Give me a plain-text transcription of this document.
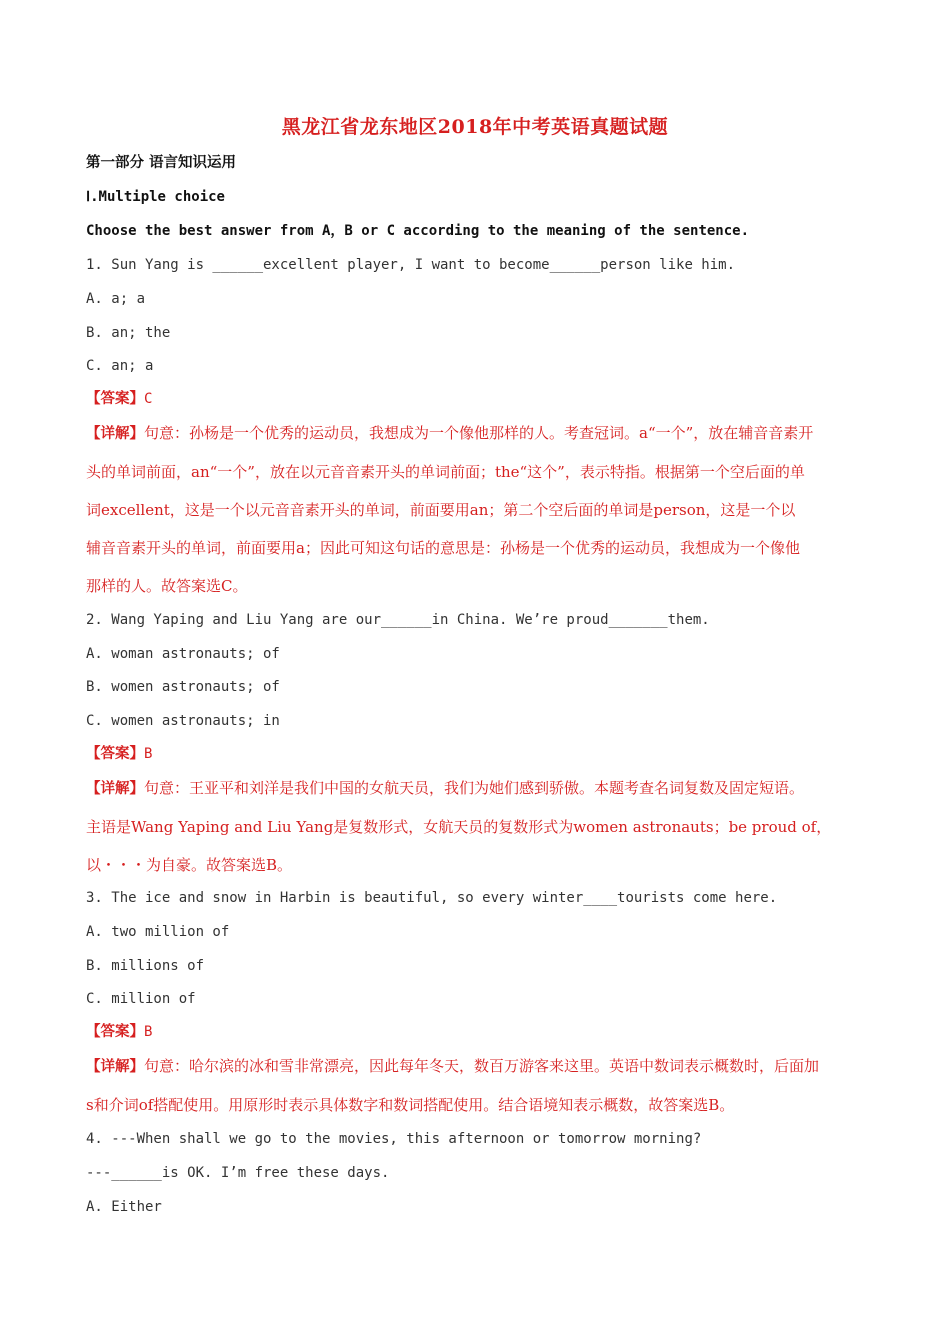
黑龙江省龙东地区2018年中考英语真题试题
第一部分 语言知识运用
Ⅰ.Multiple choice
Choose the best answer from A，B or C according to the meaning of the sentence.
1. Sun Yang is ______excellent player, I want to become______person like him.
A. a; a
B. an; the
C. an; a
【答案】C
【详解】句意：孙杨是一个优秀的运动员，我想成为一个像他那样的人。考查冠词。a“一个”，放在辅音音素开
头的单词前面，an“一个”，放在以元音音素开头的单词前面；the“这个”，表示特指。根据第一个空后面的单
词excellent，这是一个以元音音素开头的单词，前面要用an；第二个空后面的单词是person，这是一个以
辅音音素开头的单词，前面要用a；因此可知这句话的意思是：孙杨是一个优秀的运动员，我想成为一个像他
那样的人。故答案选C。
2. Wang Yaping and Liu Yang are our______in China. We’re proud_______them.
A. woman astronauts; of
B. women astronauts; of
C. women astronauts; in
【答案】B
【详解】句意：王亚平和刘洋是我们中国的女航天员，我们为她们感到骄傲。本题考查名词复数及固定短语。
主语是Wang Yaping and Liu Yang是复数形式，女航天员的复数形式为women astronauts；be proud of，
以・・・为自豪。故答案选B。
3. The ice and snow in Harbin is beautiful, so every winter____tourists come here.
A. two million of
B. millions of
C. million of
【答案】B
【详解】句意：哈尔滨的冰和雪非常漂亮，因此每年冬天，数百万游客来这里。英语中数词表示概数时，后面加
s和介词of搭配使用。用原形时表示具体数字和数词搭配使用。结合语境知表示概数，故答案选B。
4. ---When shall we go to the movies, this afternoon or tomorrow morning?
---______is OK. I’m free these days.
A. Either
